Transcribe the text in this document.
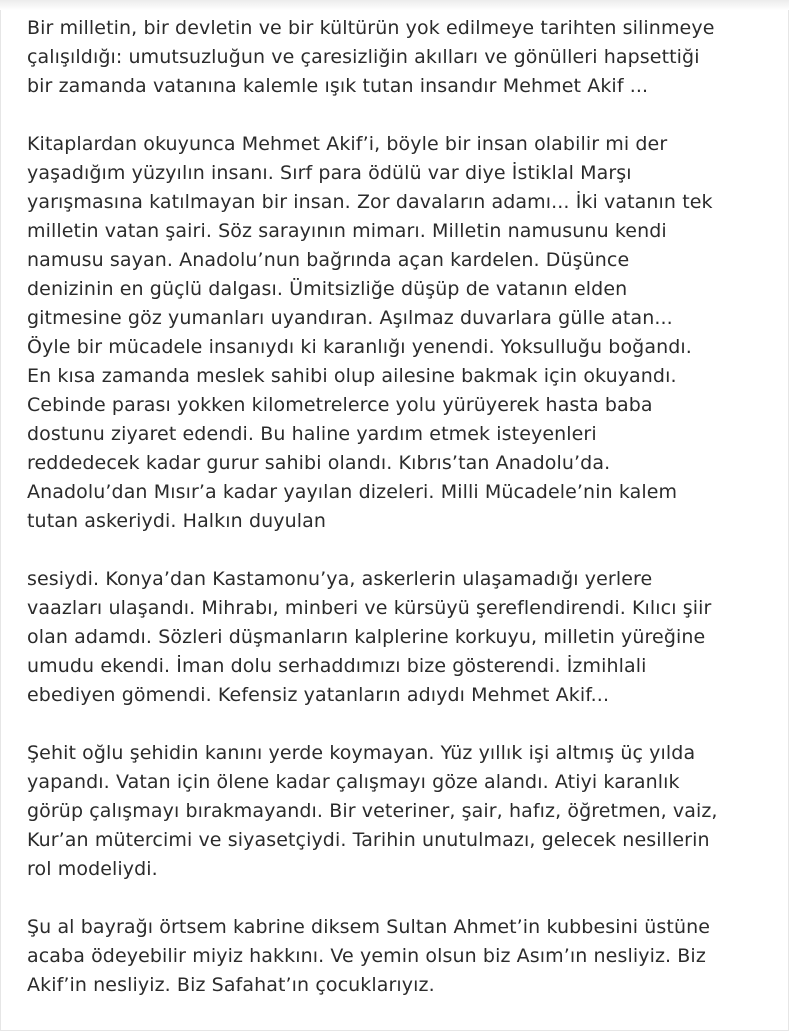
Bir milletin, bir devletin ve bir kültürün yok edilmeye tarihten silinmeye
çalışıldığı: umutsuzluğun ve çaresizliğin akılları ve gönülleri hapsettiği
bir zamanda vatanına kalemle ışık tutan insandır Mehmet Akif ...

Kitaplardan okuyunca Mehmet Akif’i, böyle bir insan olabilir mi der
yaşadığım yüzyılın insanı. Sırf para ödülü var diye İstiklal Marşı
yarışmasına katılmayan bir insan. Zor davaların adamı... İki vatanın tek
milletin vatan şairi. Söz sarayının mimarı. Milletin namusunu kendi
namusu sayan. Anadolu’nun bağrında açan kardelen. Düşünce
denizinin en güçlü dalgası. Ümitsizliğe düşüp de vatanın elden
gitmesine göz yumanları uyandıran. Aşılmaz duvarlara gülle atan...
Öyle bir mücadele insanıydı ki karanlığı yenendi. Yoksulluğu boğandı.
En kısa zamanda meslek sahibi olup ailesine bakmak için okuyandı.
Cebinde parası yokken kilometrelerce yolu yürüyerek hasta baba
dostunu ziyaret edendi. Bu haline yardım etmek isteyenleri
reddedecek kadar gurur sahibi olandı. Kıbrıs’tan Anadolu’da.
Anadolu’dan Mısır’a kadar yayılan dizeleri. Milli Mücadele’nin kalem
tutan askeriydi. Halkın duyulan

sesiydi. Konya’dan Kastamonu’ya, askerlerin ulaşamadığı yerlere
vaazları ulaşandı. Mihrabı, minberi ve kürsüyü şereflendirendi. Kılıcı şiir
olan adamdı. Sözleri düşmanların kalplerine korkuyu, milletin yüreğine
umudu ekendi. İman dolu serhaddımızı bize gösterendi. İzmihlali
ebediyen gömendi. Kefensiz yatanların adıydı Mehmet Akif...

Şehit oğlu şehidin kanını yerde koymayan. Yüz yıllık işi altmış üç yılda
yapandı. Vatan için ölene kadar çalışmayı göze alandı. Atiyi karanlık
görüp çalışmayı bırakmayandı. Bir veteriner, şair, hafız, öğretmen, vaiz,
Kur’an mütercimi ve siyasetçiydi. Tarihin unutulmazı, gelecek nesillerin
rol modeliydi.

Şu al bayrağı örtsem kabrine diksem Sultan Ahmet’in kubbesini üstüne
acaba ödeyebilir miyiz hakkını. Ve yemin olsun biz Asım’ın nesliyiz. Biz
Akif’in nesliyiz. Biz Safahat’ın çocuklarıyız.
